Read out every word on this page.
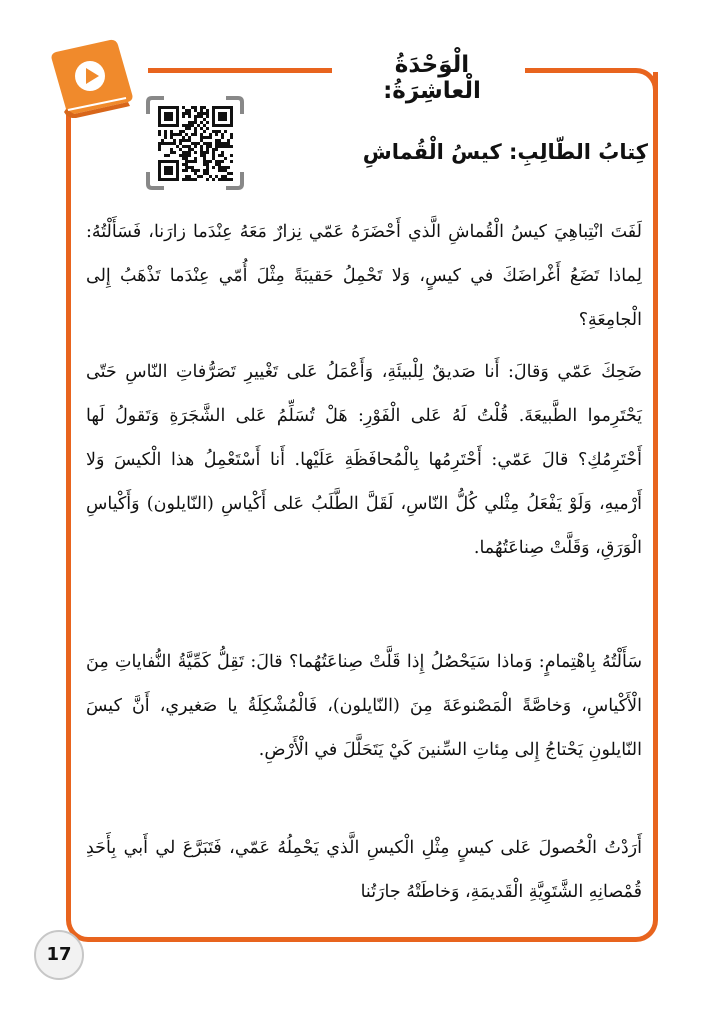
الْوَحْدَةُ الْعاشِرَةُ:
كِتابُ الطّالِبِ: كيسُ الْقُماشِ
لَفَتَ انْتِباهِيَ كيسُ الْقُماشِ الَّذي أَحْضَرَهُ عَمّي نِزارٌ مَعَهُ عِنْدَما زارَنا، فَسَأَلْتُهُ: لِماذا تَضَعُ أَغْراضَكَ في كيسٍ، وَلا تَحْمِلُ حَقيبَةً مِثْلَ أُمّي عِنْدَما تَذْهَبُ إِلى الْجامِعَةِ؟
ضَحِكَ عَمّي وَقالَ: أَنا صَديقٌ لِلْبيئَةِ، وَأَعْمَلُ عَلى تَغْييرِ تَصَرُّفاتِ النّاسِ حَتّى يَحْتَرِموا الطَّبيعَةَ. قُلْتُ لَهُ عَلى الْفَوْرِ: هَلْ تُسَلِّمُ عَلى الشَّجَرَةِ وَتَقولُ لَها أَحْتَرِمُكِ؟ قالَ عَمّي: أَحْتَرِمُها بِالْمُحافَظَةِ عَلَيْها. أَنا أَسْتَعْمِلُ هذا الْكيسَ وَلا أَرْميهِ، وَلَوْ يَفْعَلُ مِثْلي كُلُّ النّاسِ، لَقَلَّ الطَّلَبُ عَلى أَكْياسِ (النّايلون) وَأَكْياسِ الْوَرَقِ، وَقَلَّتْ صِناعَتُهُما.
سَأَلْتُهُ بِاهْتِمامٍ: وَماذا سَيَحْصُلُ إِذا قَلَّتْ صِناعَتُهُما؟ قالَ: تَقِلُّ كَمِّيَّةُ النُّفاياتِ مِنَ الْأَكْياسِ، وَخاصَّةً الْمَصْنوعَةَ مِنَ (النّايلون)، فَالْمُشْكِلَةُ يا صَغيري، أَنَّ كيسَ النّايلونِ يَحْتاجُ إِلى مِئاتِ السِّنينَ كَيْ يَتَحَلَّلَ في الْأَرْضِ.
أَرَدْتُ الْحُصولَ عَلى كيسٍ مِثْلِ الْكيسِ الَّذي يَحْمِلُهُ عَمّي، فَتَبَرَّعَ لي أَبي بِأَحَدِ قُمْصانِهِ الشَّتَوِيَّةِ الْقَديمَةِ، وَخاطَتْهُ جارَتُنا
17
